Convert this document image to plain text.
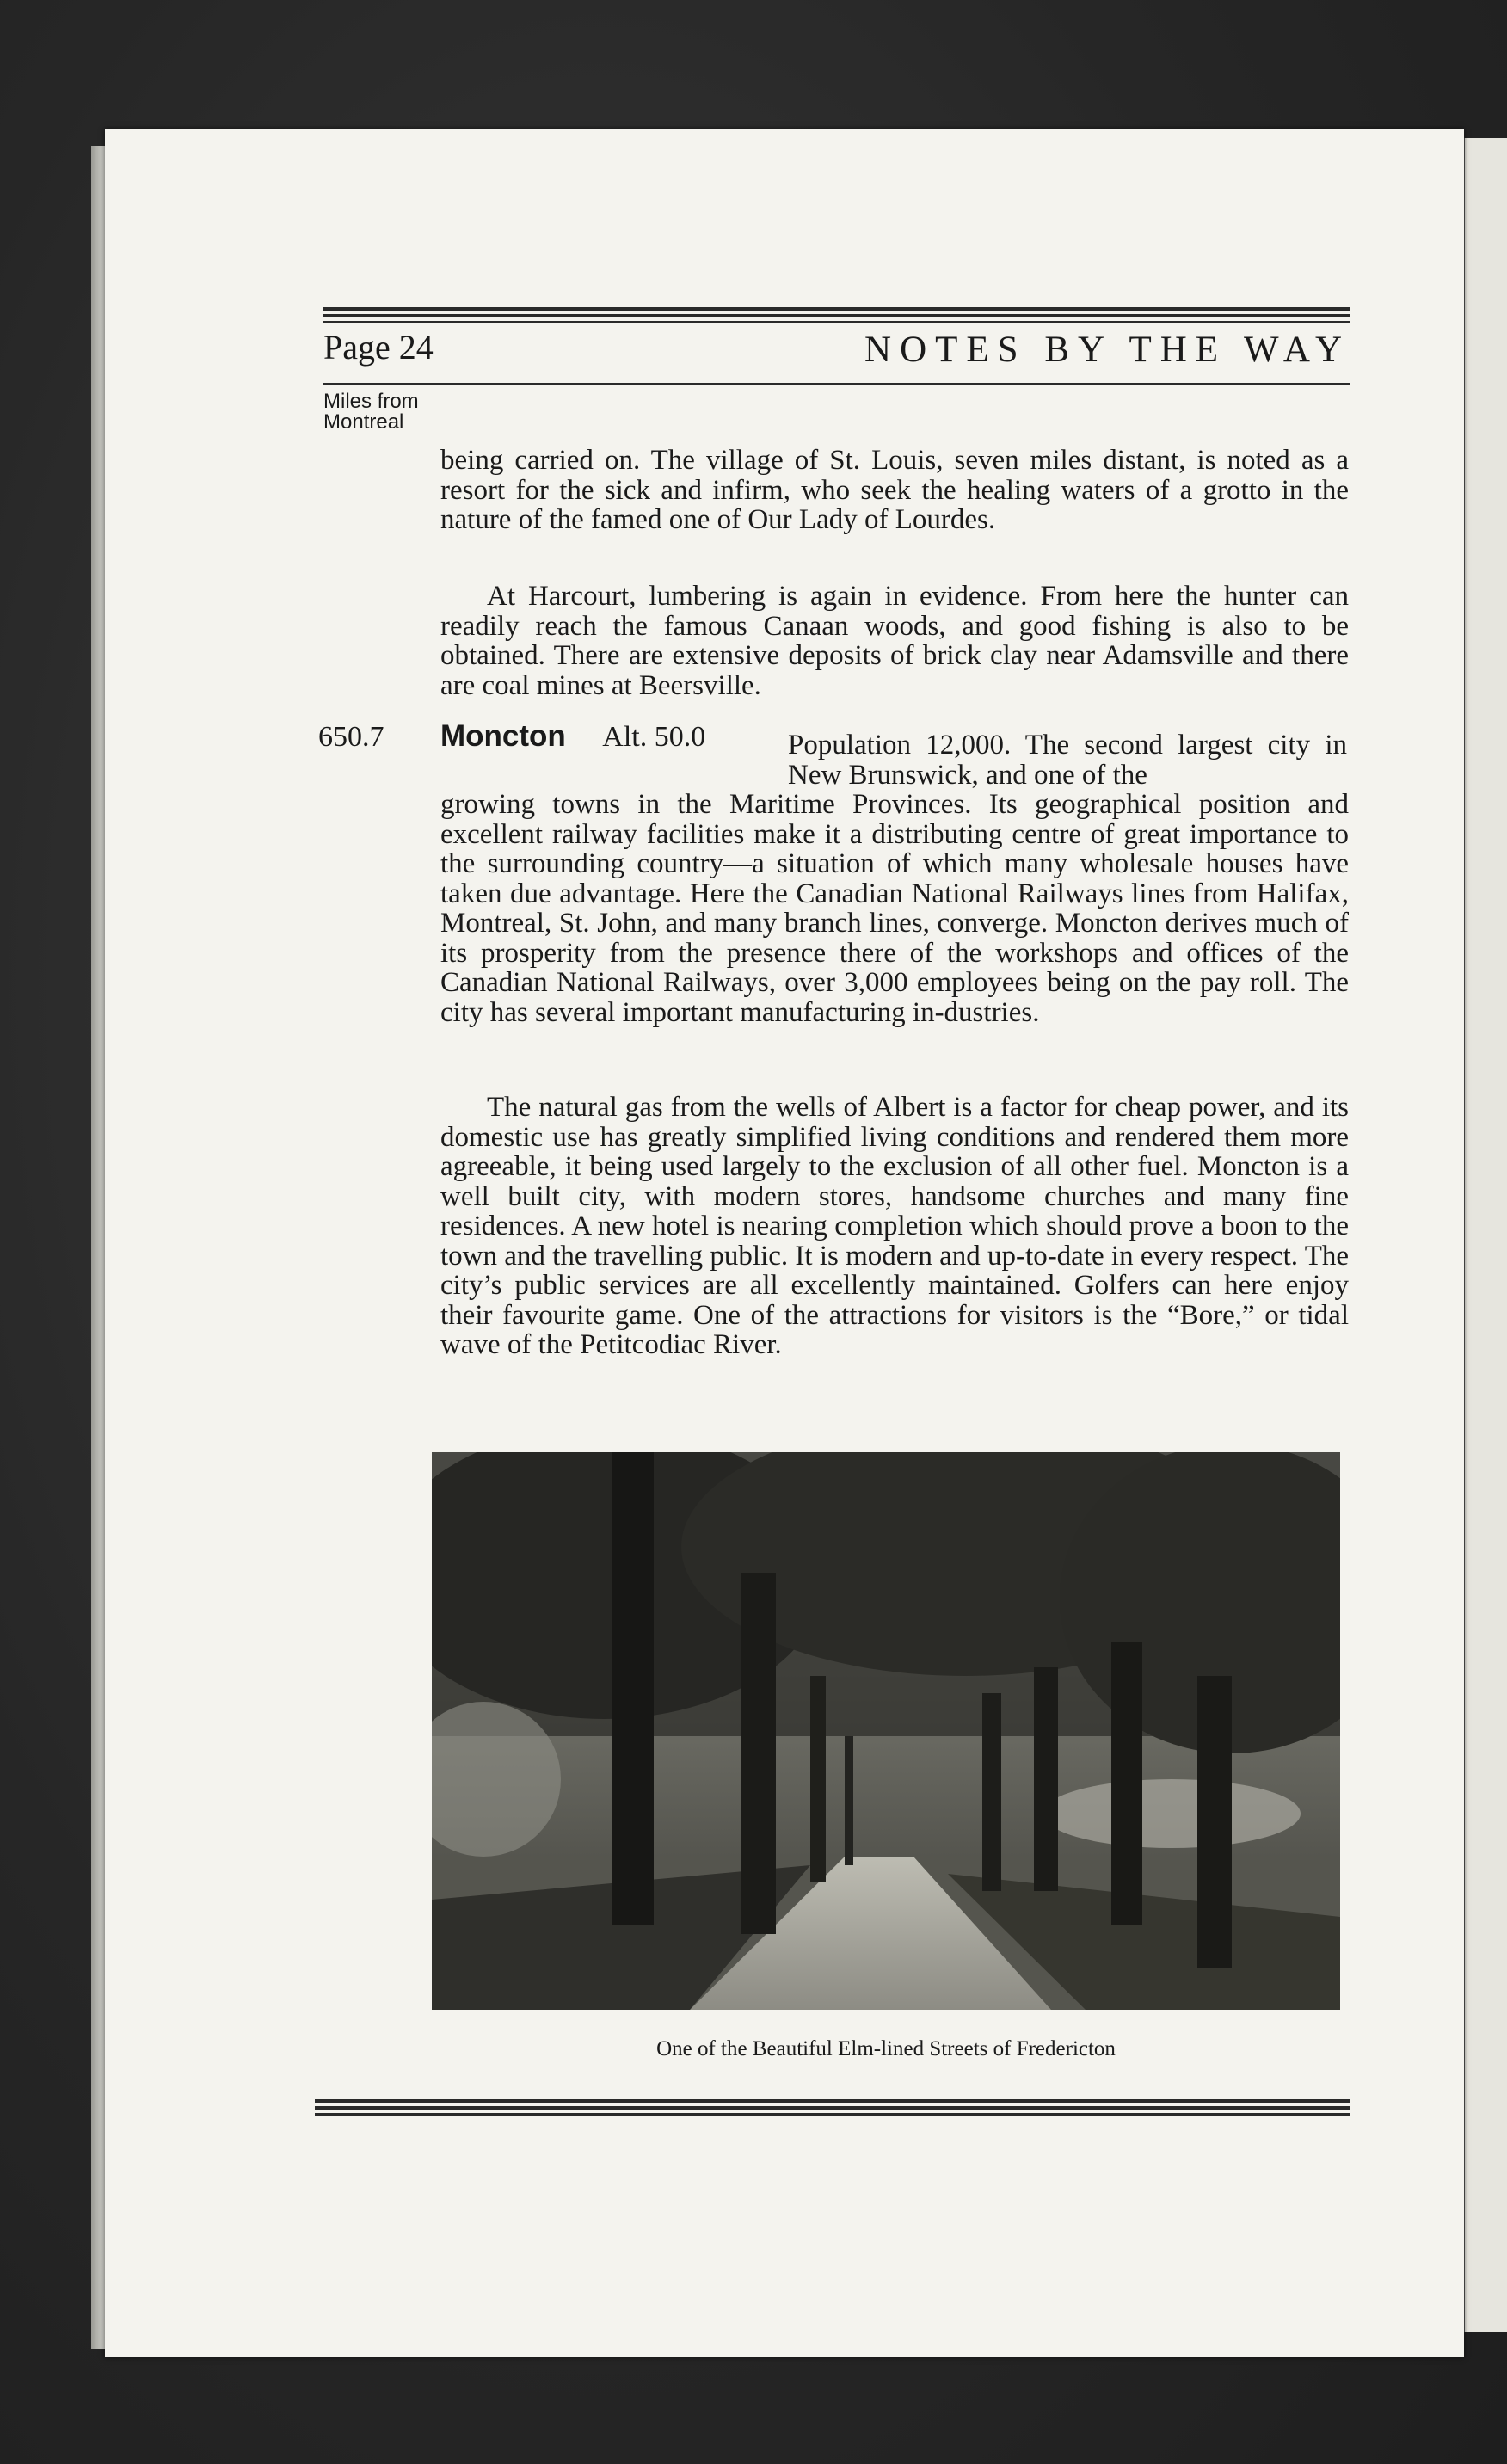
Page 24	NOTES BY THE WAY
Miles from
Montreal

being carried on. The village of St. Louis, seven miles distant, is noted as a resort for the sick and infirm, who seek the healing waters of a grotto in the nature of the famed one of Our Lady of Lourdes.

At Harcourt, lumbering is again in evidence. From here the hunter can readily reach the famous Canaan woods, and good fishing is also to be obtained. There are extensive deposits of brick clay near Adamsville and there are coal mines at Beersville.

650.7 Moncton Alt. 50.0	Population 12,000. The second largest city in New Brunswick, and one of the

growing towns in the Maritime Provinces. Its geographical position and excellent railway facilities make it a distributing centre of great importance to the surrounding country—a situation of which many wholesale houses have taken due advantage. Here the Canadian National Railways lines from Halifax, Montreal, St. John, and many branch lines, converge. Moncton derives much of its prosperity from the presence there of the workshops and offices of the Canadian National Railways, over 3,000 employees being on the pay roll. The city has several important manufacturing in-dustries.

The natural gas from the wells of Albert is a factor for cheap power, and its domestic use has greatly simplified living conditions and rendered them more agreeable, it being used largely to the exclusion of all other fuel. Moncton is a well built city, with modern stores, handsome churches and many fine residences. A new hotel is nearing completion which should prove a boon to the town and the travelling public. It is modern and up-to-date in every respect. The city’s public services are all excellently maintained. Golfers can here enjoy their favourite game. One of the attractions for visitors is the “Bore,” or tidal wave of the Petitcodiac River.

One of the Beautiful Elm-lined Streets of Fredericton
